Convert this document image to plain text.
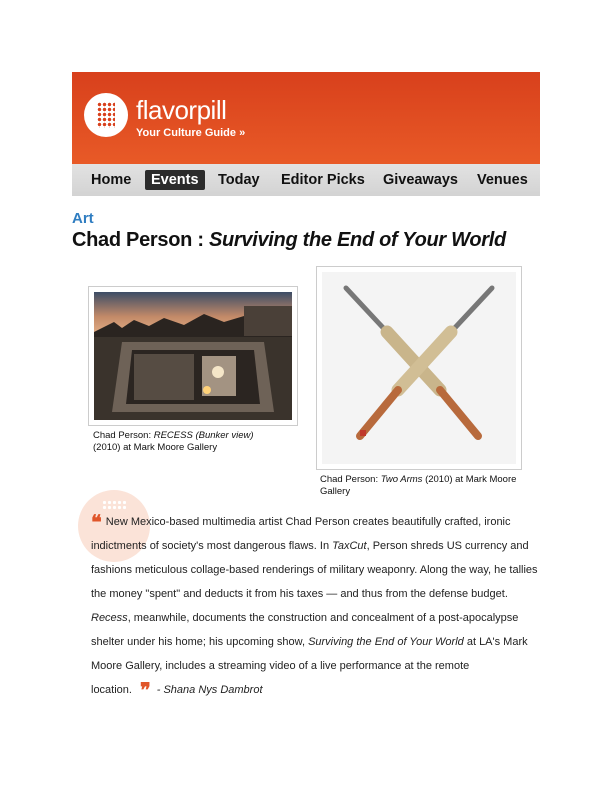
flavorpill
Your Culture Guide »
Home	Events	Today Editor Picks Giveaways Venues
Art
Chad Person : Surviving the End of Your World
Chad Person: RECESS (Bunker view)
(2010) at Mark Moore Gallery
Chad Person: Two Arms (2010) at Mark Moore Gallery

❝ New Mexico-based multimedia artist Chad Person creates beautifully crafted, ironic indictments of society's most dangerous flaws. In TaxCut, Person shreds US currency and fashions meticulous collage-based renderings of military weaponry. Along the way, he tallies the money "spent" and deducts it from his taxes — and thus from the defense budget. Recess, meanwhile, documents the construction and concealment of a post-apocalypse shelter under his home; his upcoming show, Surviving the End of Your World at LA's Mark Moore Gallery, includes a streaming video of a live performance at the remote location. ❞ - Shana Nys Dambrot
